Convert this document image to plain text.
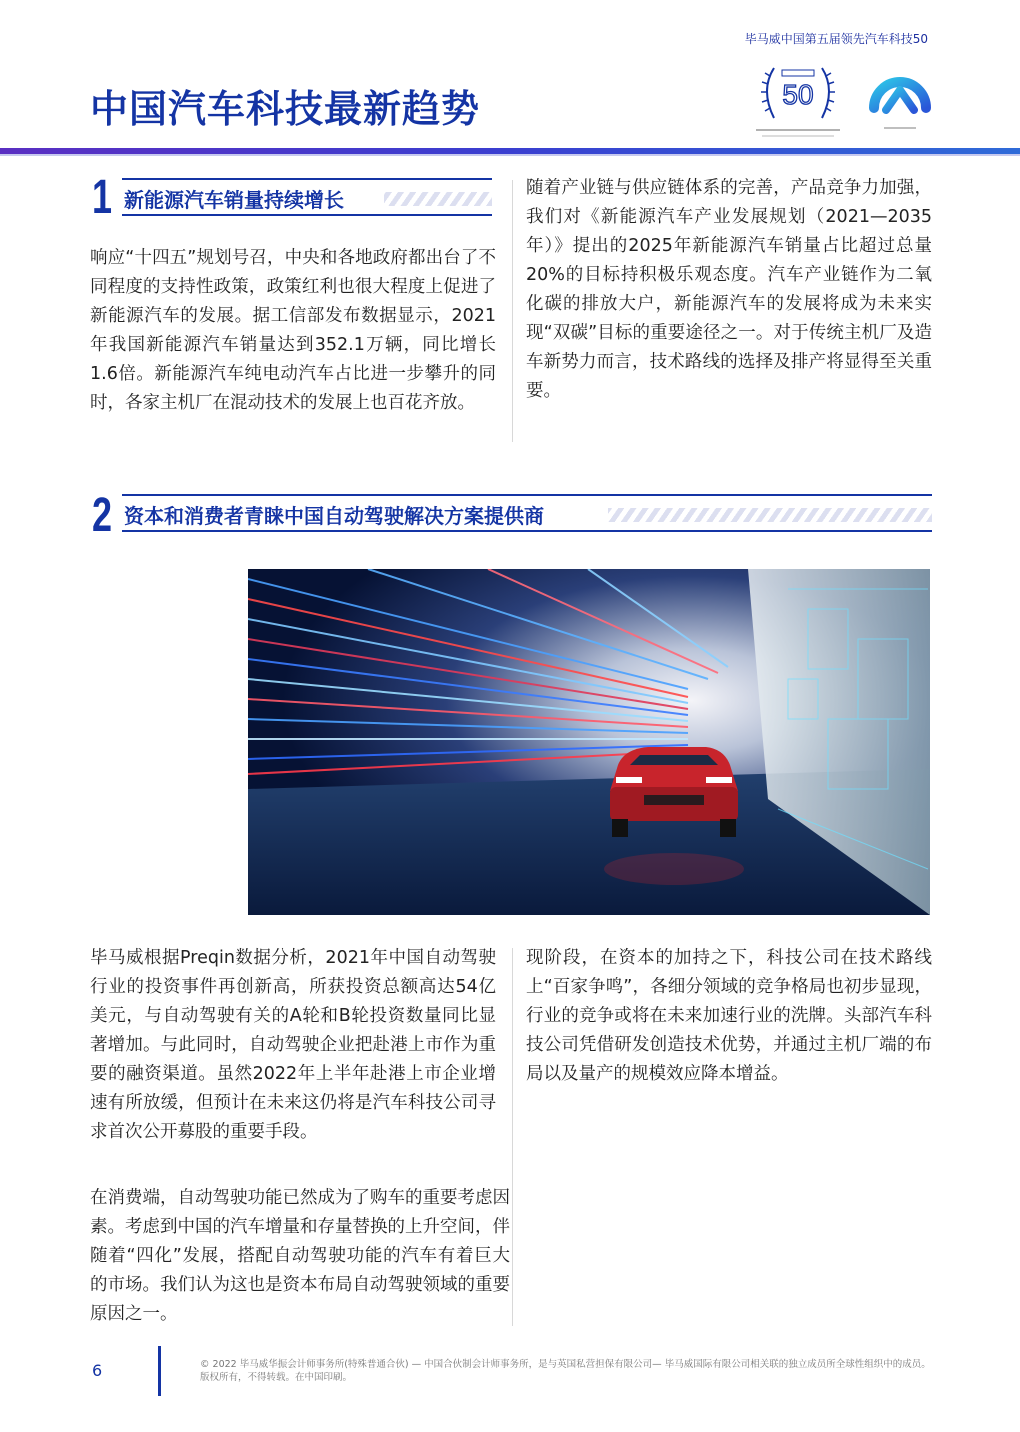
毕马威中国第五届领先汽车科技50
中国汽车科技最新趋势	50
1 新能源汽车销量持续增长

响应“十四五”规划号召，中央和各地政府都出台了不同程度的支持性政策，政策红利也很大程度上促进了新能源汽车的发展。据工信部发布数据显示，2021年我国新能源汽车销量达到352.1万辆，同比增长1.6倍。新能源汽车纯电动汽车占比进一步攀升的同时，各家主机厂在混动技术的发展上也百花齐放。

随着产业链与供应链体系的完善，产品竞争力加强，我们对《新能源汽车产业发展规划（2021—2035年）》提出的2025年新能源汽车销量占比超过总量20%的目标持积极乐观态度。汽车产业链作为二氧化碳的排放大户，新能源汽车的发展将成为未来实现“双碳”目标的重要途径之一。对于传统主机厂及造车新势力而言，技术路线的选择及排产将显得至关重要。

2 资本和消费者青睐中国自动驾驶解决方案提供商

毕马威根据Preqin数据分析，2021年中国自动驾驶行业的投资事件再创新高，所获投资总额高达54亿美元，与自动驾驶有关的A轮和B轮投资数量同比显著增加。与此同时，自动驾驶企业把赴港上市作为重要的融资渠道。虽然2022年上半年赴港上市企业增速有所放缓，但预计在未来这仍将是汽车科技公司寻求首次公开募股的重要手段。

在消费端，自动驾驶功能已然成为了购车的重要考虑因素。考虑到中国的汽车增量和存量替换的上升空间，伴随着“四化”发展，搭配自动驾驶功能的汽车有着巨大的市场。我们认为这也是资本布局自动驾驶领域的重要原因之一。

现阶段，在资本的加持之下，科技公司在技术路线上“百家争鸣”，各细分领域的竞争格局也初步显现，行业的竞争或将在未来加速行业的洗牌。头部汽车科技公司凭借研发创造技术优势，并通过主机厂端的布局以及量产的规模效应降本增益。

6	© 2022 毕马威华振会计师事务所(特殊普通合伙) — 中国合伙制会计师事务所，是与英国私营担保有限公司— 毕马威国际有限公司相关联的独立成员所全球性组织中的成员。版权所有，不得转载。在中国印刷。
